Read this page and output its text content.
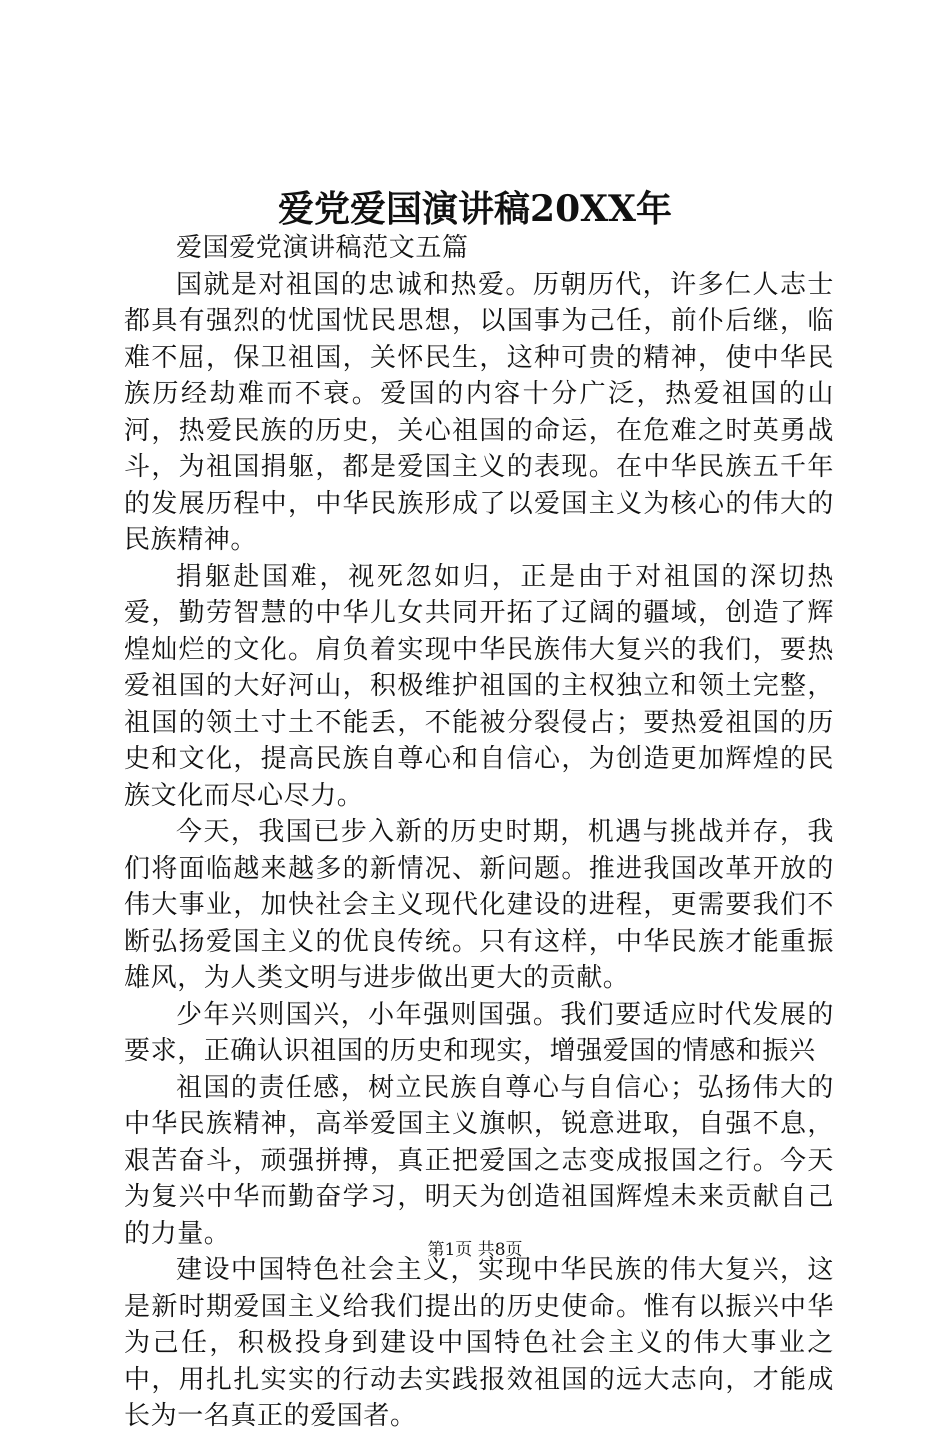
爱党爱国演讲稿20XX年

爱国爱党演讲稿范文五篇

国就是对祖国的忠诚和热爱。历朝历代，许多仁人志士都具有强烈的忧国忧民思想，以国事为己任，前仆后继，临难不屈，保卫祖国，关怀民生，这种可贵的精神，使中华民族历经劫难而不衰。爱国的内容十分广泛，热爱祖国的山河，热爱民族的历史，关心祖国的命运，在危难之时英勇战斗，为祖国捐躯，都是爱国主义的表现。在中华民族五千年的发展历程中，中华民族形成了以爱国主义为核心的伟大的民族精神。

捐躯赴国难，视死忽如归，正是由于对祖国的深切热爱，勤劳智慧的中华儿女共同开拓了辽阔的疆域，创造了辉煌灿烂的文化。肩负着实现中华民族伟大复兴的我们，要热爱祖国的大好河山，积极维护祖国的主权独立和领土完整，祖国的领土寸土不能丢，不能被分裂侵占；要热爱祖国的历史和文化，提高民族自尊心和自信心，为创造更加辉煌的民族文化而尽心尽力。

今天，我国已步入新的历史时期，机遇与挑战并存，我们将面临越来越多的新情况、新问题。推进我国改革开放的伟大事业，加快社会主义现代化建设的进程，更需要我们不断弘扬爱国主义的优良传统。只有这样，中华民族才能重振雄风，为人类文明与进步做出更大的贡献。

少年兴则国兴，小年强则国强。我们要适应时代发展的要求，正确认识祖国的历史和现实，增强爱国的情感和振兴

祖国的责任感，树立民族自尊心与自信心；弘扬伟大的中华民族精神，高举爱国主义旗帜，锐意进取，自强不息，艰苦奋斗，顽强拼搏，真正把爱国之志变成报国之行。今天为复兴中华而勤奋学习，明天为创造祖国辉煌未来贡献自己的力量。

建设中国特色社会主义，实现中华民族的伟大复兴，这是新时期爱国主义给我们提出的历史使命。惟有以振兴中华为己任，积极投身到建设中国特色社会主义的伟大事业之中，用扎扎实实的行动去实践报效祖国的远大志向，才能成长为一名真正的爱国者。

第1页 共8页
